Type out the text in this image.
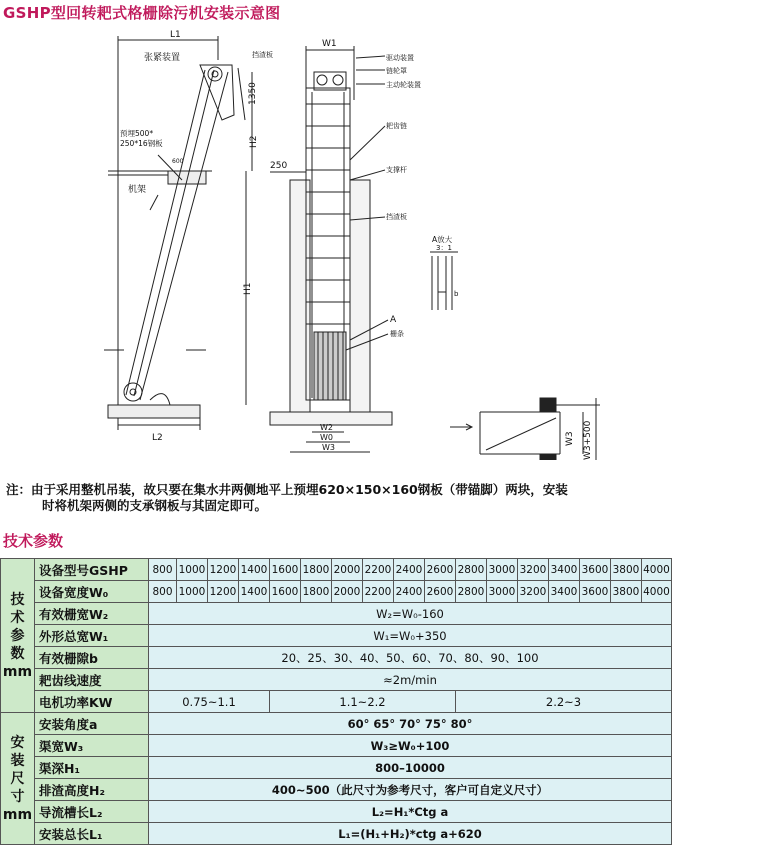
GSHP型回转耙式格栅除污机安装示意图
L1
张紧装置	挡渣板
1350
H2
预埋500*
250*16钢板
600
机架
H1
L2
W1
250
驱动装置
链轮罩
主动轮装置
耙齿链
支撑杆
挡渣板
A
栅条
W2
W0
W3
A放大
3：1
b
W3 W3+500
注：由于采用整机吊装，故只要在集水井两侧地平上预埋620×150×160钢板（带锚脚）两块，安装
时将机架两侧的支承钢板与其固定即可。
技术参数
技
术
参
数
mm	设备型号GSHP	800	1000	1200	1400	1600	1800	2000	2200	2400	2600	2800	3000	3200	3400	3600	3800	4000
	设备宽度W₀	800	1000	1200	1400	1600	1800	2000	2200	2400	2600	2800	3000	3200	3400	3600	3800	4000
	有效栅宽W₂	W₂=W₀-160																
	外形总宽W₁	W₁=W₀+350																
	有效栅隙b	20、25、30、40、50、60、70、80、90、100																
	耙齿线速度	≈2m/min																
	电机功率KW	0.75~1.1				1.1~2.2						2.2~3						

安
装
尺
寸
mm	安装角度a	60° 65° 70° 75° 80°																
	渠宽W₃	W₃≥W₀+100																
	渠深H₁	800–10000																
	排渣高度H₂	400~500（此尺寸为参考尺寸，客户可自定义尺寸）																
	导流槽长L₂	L₂=H₁*Ctg a																
	安装总长L₁	L₁=(H₁+H₂)*ctg a+620																
